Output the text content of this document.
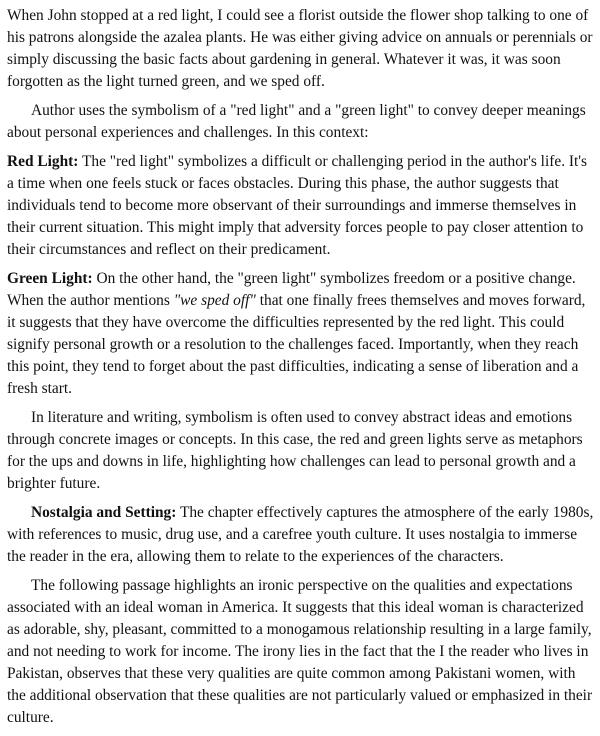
When John stopped at a red light, I could see a florist outside the flower shop talking to one of his patrons alongside the azalea plants. He was either giving advice on annuals or perennials or simply discussing the basic facts about gardening in general. Whatever it was, it was soon forgotten as the light turned green, and we sped off.

Author uses the symbolism of a "red light" and a "green light" to convey deeper meanings about personal experiences and challenges. In this context:

Red Light: The "red light" symbolizes a difficult or challenging period in the author's life. It's a time when one feels stuck or faces obstacles. During this phase, the author suggests that individuals tend to become more observant of their surroundings and immerse themselves in their current situation. This might imply that adversity forces people to pay closer attention to their circumstances and reflect on their predicament.

Green Light: On the other hand, the "green light" symbolizes freedom or a positive change. When the author mentions "we sped off" that one finally frees themselves and moves forward, it suggests that they have overcome the difficulties represented by the red light. This could signify personal growth or a resolution to the challenges faced. Importantly, when they reach this point, they tend to forget about the past difficulties, indicating a sense of liberation and a fresh start.

In literature and writing, symbolism is often used to convey abstract ideas and emotions through concrete images or concepts. In this case, the red and green lights serve as metaphors for the ups and downs in life, highlighting how challenges can lead to personal growth and a brighter future.

Nostalgia and Setting: The chapter effectively captures the atmosphere of the early 1980s, with references to music, drug use, and a carefree youth culture. It uses nostalgia to immerse the reader in the era, allowing them to relate to the experiences of the characters.

The following passage highlights an ironic perspective on the qualities and expectations associated with an ideal woman in America. It suggests that this ideal woman is characterized as adorable, shy, pleasant, committed to a monogamous relationship resulting in a large family, and not needing to work for income. The irony lies in the fact that the I the reader who lives in Pakistan, observes that these very qualities are quite common among Pakistani women, with the additional observation that these qualities are not particularly valued or emphasized in their culture.
